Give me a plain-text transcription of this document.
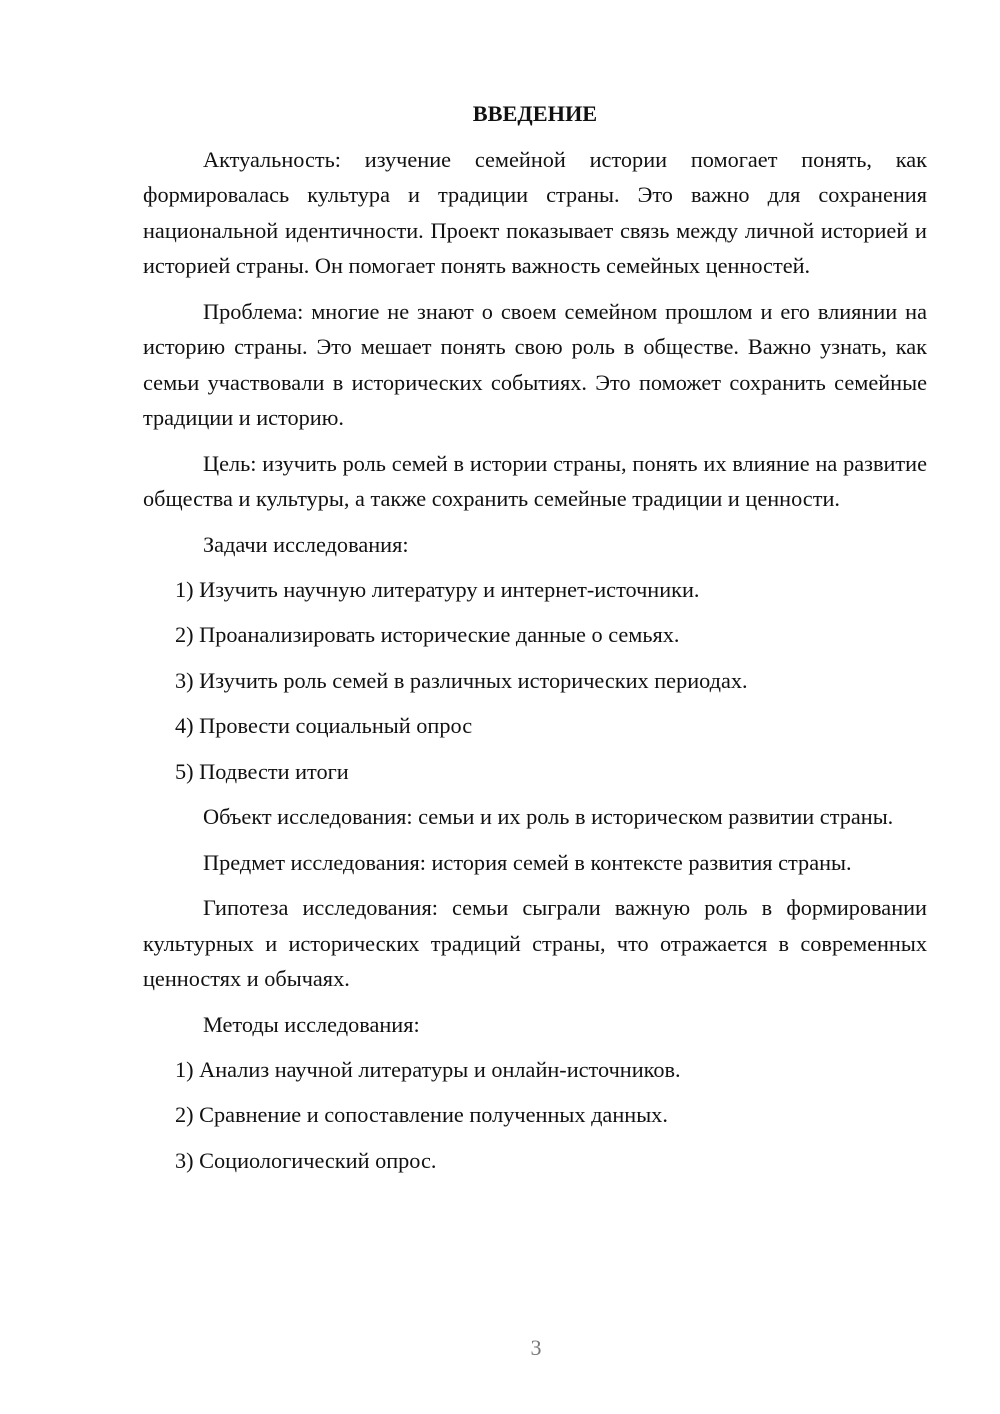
ВВЕДЕНИЕ

Актуальность: изучение семейной истории помогает понять, как формировалась культура и традиции страны. Это важно для сохранения национальной идентичности. Проект показывает связь между личной историей и историей страны. Он помогает понять важность семейных ценностей.

Проблема: многие не знают о своем семейном прошлом и его влиянии на историю страны. Это мешает понять свою роль в обществе. Важно узнать, как семьи участвовали в исторических событиях. Это поможет сохранить семейные традиции и историю.

Цель: изучить роль семей в истории страны, понять их влияние на развитие общества и культуры, а также сохранить семейные традиции и ценности.

Задачи исследования:

1) Изучить научную литературу и интернет-источники.
2) Проанализировать исторические данные о семьях.
3) Изучить роль семей в различных исторических периодах.
4) Провести социальный опрос
5) Подвести итоги

Объект исследования: семьи и их роль в историческом развитии страны.

Предмет исследования: история семей в контексте развития страны.

Гипотеза исследования: семьи сыграли важную роль в формировании культурных и исторических традиций страны, что отражается в современных ценностях и обычаях.

Методы исследования:

1) Анализ научной литературы и онлайн-источников.
2) Сравнение и сопоставление полученных данных.
3) Социологический опрос.
3
